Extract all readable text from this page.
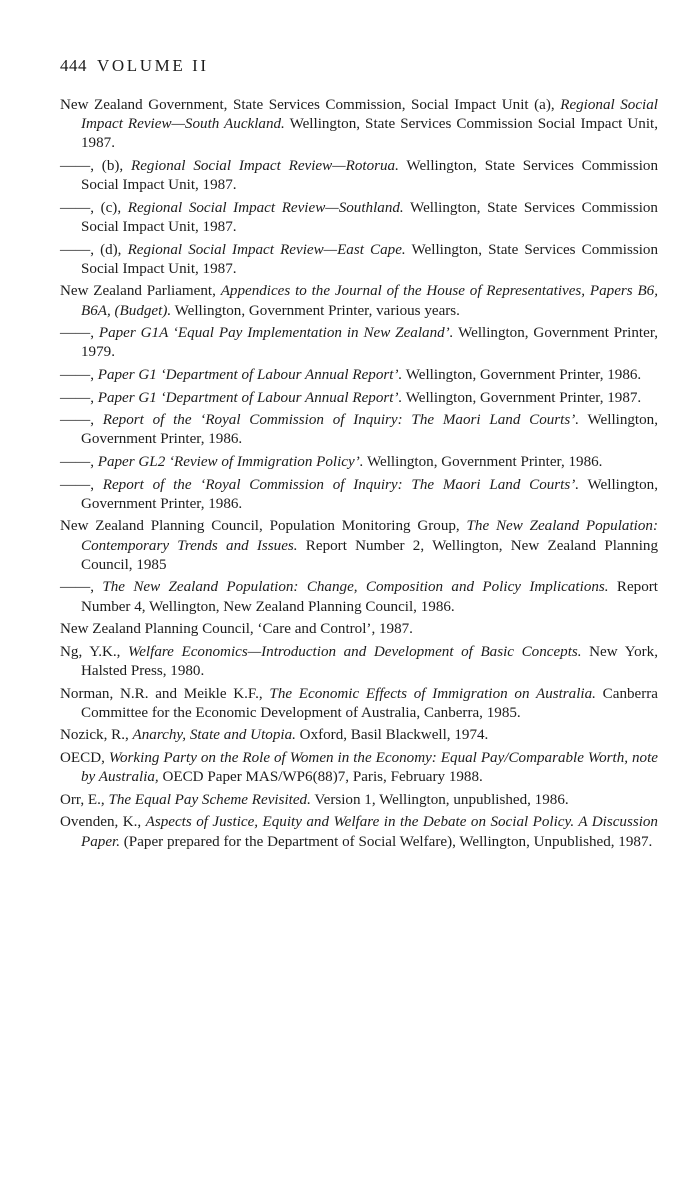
444 VOLUME II

New Zealand Government, State Services Commission, Social Impact Unit (a), Regional Social Impact Review—South Auckland. Wellington, State Services Commission Social Impact Unit, 1987.

——, (b), Regional Social Impact Review—Rotorua. Wellington, State Services Commission Social Impact Unit, 1987.

——, (c), Regional Social Impact Review—Southland. Wellington, State Services Commission Social Impact Unit, 1987.

——, (d), Regional Social Impact Review—East Cape. Wellington, State Services Commission Social Impact Unit, 1987.

New Zealand Parliament, Appendices to the Journal of the House of Representatives, Papers B6, B6A, (Budget). Wellington, Government Printer, various years.

——, Paper G1A ‘Equal Pay Implementation in New Zealand’. Wellington, Government Printer, 1979.

——, Paper G1 ‘Department of Labour Annual Report’. Wellington, Government Printer, 1986.

——, Paper G1 ‘Department of Labour Annual Report’. Wellington, Government Printer, 1987.

——, Report of the ‘Royal Commission of Inquiry: The Maori Land Courts’. Wellington, Government Printer, 1986.

——, Paper GL2 ‘Review of Immigration Policy’. Wellington, Government Printer, 1986.

——, Report of the ‘Royal Commission of Inquiry: The Maori Land Courts’. Wellington, Government Printer, 1986.

New Zealand Planning Council, Population Monitoring Group, The New Zealand Population: Contemporary Trends and Issues. Report Number 2, Wellington, New Zealand Planning Council, 1985

——, The New Zealand Population: Change, Composition and Policy Implications. Report Number 4, Wellington, New Zealand Planning Council, 1986.

New Zealand Planning Council, ‘Care and Control’, 1987.

Ng, Y.K., Welfare Economics—Introduction and Development of Basic Concepts. New York, Halsted Press, 1980.

Norman, N.R. and Meikle K.F., The Economic Effects of Immigration on Australia. Canberra Committee for the Economic Development of Australia, Canberra, 1985.

Nozick, R., Anarchy, State and Utopia. Oxford, Basil Blackwell, 1974.

OECD, Working Party on the Role of Women in the Economy: Equal Pay/Comparable Worth, note by Australia, OECD Paper MAS/WP6(88)7, Paris, February 1988.

Orr, E., The Equal Pay Scheme Revisited. Version 1, Wellington, unpublished, 1986.

Ovenden, K., Aspects of Justice, Equity and Welfare in the Debate on Social Policy. A Discussion Paper. (Paper prepared for the Department of Social Welfare), Wellington, Unpublished, 1987.
